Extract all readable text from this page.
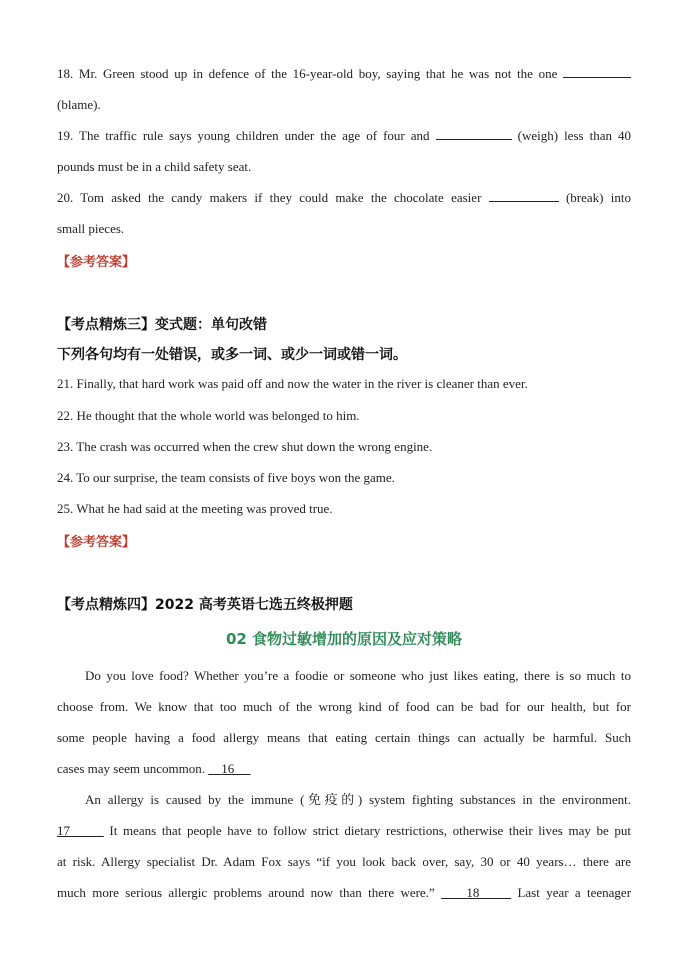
18. Mr. Green stood up in defence of the 16-year-old boy, saying that he was not the one
(blame).
19. The traffic rule says young children under the age of four and	(weigh) less than 40
pounds must be in a child safety seat.
20. Tom asked the candy makers if they could make the chocolate easier	(break) into
small pieces.
【参考答案】
【考点精炼三】变式题：单句改错
下列各句均有一处错误，或多一词、或少一词或错一词。
21. Finally, that hard work was paid off and now the water in the river is cleaner than ever.
22. He thought that the whole world was belonged to him.
23. The crash was occurred when the crew shut down the wrong engine.
24. To our surprise, the team consists of five boys won the game.
25. What he had said at the meeting was proved true.
【参考答案】
【考点精炼四】2022 高考英语七选五终极押题
02 食物过敏增加的原因及应对策略
Do you love food? Whether you’re a foodie or someone who just likes eating, there is so much to
choose from. We know that too much of the wrong kind of food can be bad for our health, but for
some people having a food allergy means that eating certain things can actually be harmful. Such
cases may seem uncommon. 16
An allergy is caused by the immune (免疫的) system fighting substances in the environment.
17	It means that people have to follow strict dietary restrictions, otherwise their lives may be put
at risk. Allergy specialist Dr. Adam Fox says “if you look back over, say, 30 or 40 years… there are
much more serious allergic problems around now than there were.” 18	Last year a teenager
